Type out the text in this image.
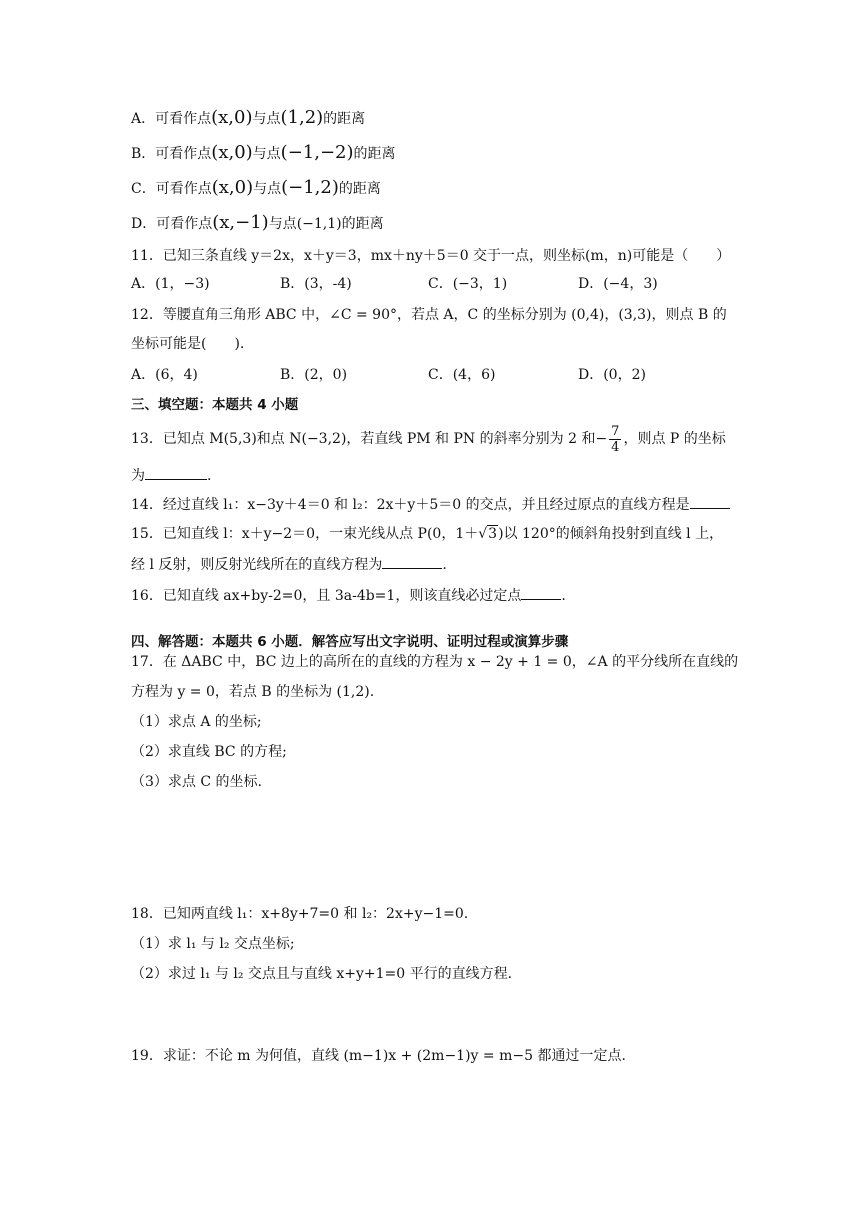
A．可看作点(x,0)与点(1,2)的距离
B．可看作点(x,0)与点(−1,−2)的距离
C．可看作点(x,0)与点(−1,2)的距离
D．可看作点(x,−1)与点(−1,1)的距离
11．已知三条直线 y＝2x，x＋y＝3，mx＋ny＋5＝0 交于一点，则坐标(m，n)可能是（　　）
A．(1，−3)	B．(3，-4)	C．(−3，1)	D．(−4，3)
12．等腰直角三角形 ABC 中，∠C = 90°，若点 A，C 的坐标分别为 (0,4)，(3,3)，则点 B 的
坐标可能是(　　).
A．(6，4)	B．(2，0)	C．(4，6)	D．(0，2)
三、填空题：本题共 4 小题
13．已知点 M(5,3)和点 N(−3,2)，若直线 PM 和 PN 的斜率分别为 2 和− $\frac{7}{4}$ ，则点 P 的坐标
为	.
14．经过直线 l₁：x−3y＋4＝0 和 l₂：2x＋y＋5＝0 的交点，并且经过原点的直线方程是
15．已知直线 l：x＋y−2＝0，一束光线从点 P(0，1＋√3)以 120°的倾斜角投射到直线 l 上，
经 l 反射，则反射光线所在的直线方程为	.
16．已知直线 ax+by-2=0，且 3a-4b=1，则该直线必过定点	.
四、解答题：本题共 6 小题．解答应写出文字说明、证明过程或演算步骤
17．在 ΔABC 中，BC 边上的高所在的直线的方程为 x − 2y + 1 = 0，∠A 的平分线所在直线的
方程为 y = 0，若点 B 的坐标为 (1,2).
（1）求点 A 的坐标;
（2）求直线 BC 的方程;
（3）求点 C 的坐标.
18．已知两直线 l₁：x+8y+7=0 和 l₂：2x+y−1=0.
（1）求 l₁ 与 l₂ 交点坐标;
（2）求过 l₁ 与 l₂ 交点且与直线 x+y+1=0 平行的直线方程.
19．求证：不论 m 为何值，直线 (m−1)x + (2m−1)y = m−5 都通过一定点.
